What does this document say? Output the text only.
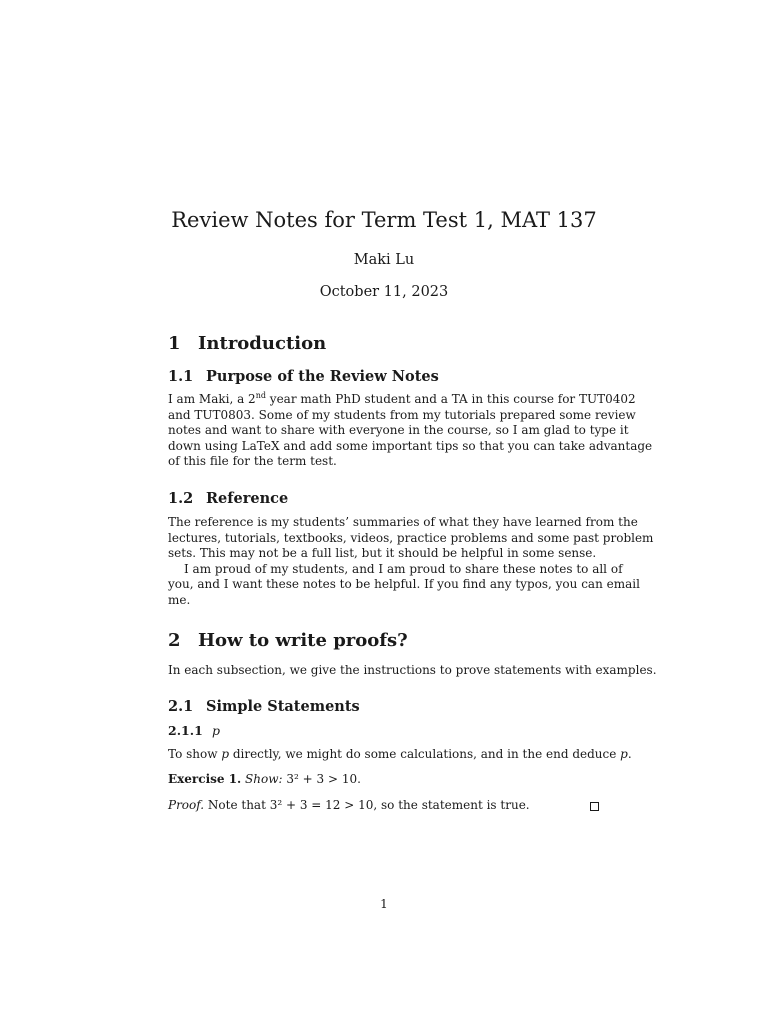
Review Notes for Term Test 1, MAT 137
Maki Lu
October 11, 2023
1 Introduction
1.1 Purpose of the Review Notes
I am Maki, a 2nd year math PhD student and a TA in this course for TUT0402
and TUT0803. Some of my students from my tutorials prepared some review
notes and want to share with everyone in the course, so I am glad to type it
down using LaTeX and add some important tips so that you can take advantage
of this file for the term test.
1.2 Reference
The reference is my students’ summaries of what they have learned from the
lectures, tutorials, textbooks, videos, practice problems and some past problem
sets. This may not be a full list, but it should be helpful in some sense.
I am proud of my students, and I am proud to share these notes to all of
you, and I want these notes to be helpful. If you find any typos, you can email
me.
2 How to write proofs?
In each subsection, we give the instructions to prove statements with examples.
2.1 Simple Statements
2.1.1 p
To show p directly, we might do some calculations, and in the end deduce p.
Exercise 1. Show: 3² + 3 > 10.
Proof. Note that 3² + 3 = 12 > 10, so the statement is true.
1
